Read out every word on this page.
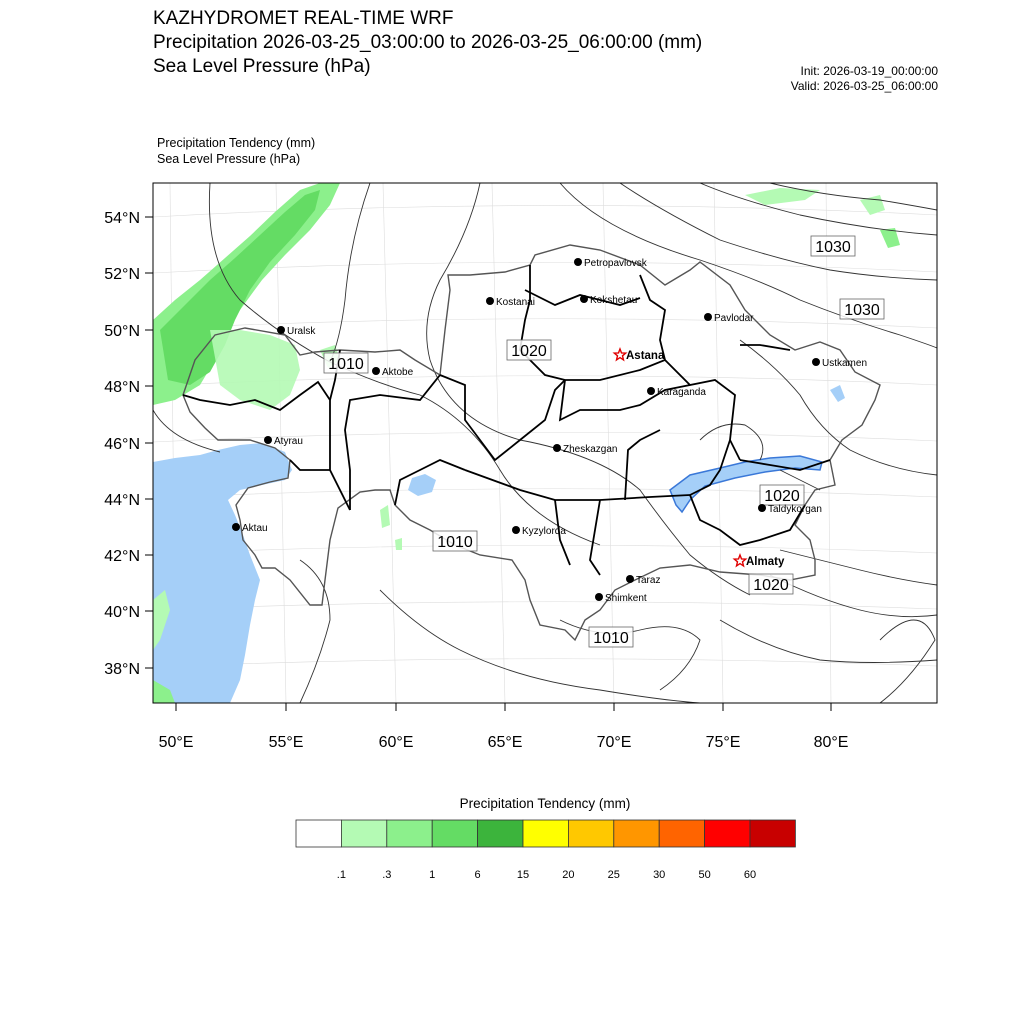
KAZHYDROMET REAL-TIME WRF
Precipitation 2026-03-25_03:00:00 to 2026-03-25_06:00:00 (mm)
Sea Level Pressure (hPa)	Init: 2026-03-19_00:00:00
Valid: 2026-03-25_06:00:00
Precipitation Tendency (mm)
Sea Level Pressure (hPa)
1030
1030
1020
1010
1020
1010
1020
1010
Petropavlovsk
Kostanai	Kokshetau
Pavlodar
Uralsk
Astana
Aktobe
Ustkamen
Karaganda
Atyrau
Zheskazgan
Taldykorgan
Aktau	Kyzylorda
Almaty
Taraz
Shimkent
54°N
52°N
50°N
48°N
46°N
44°N
42°N
40°N
38°N
50°E	55°E	60°E	65°E	70°E	75°E	80°E
Precipitation Tendency (mm)
.1	.3	1	6	15	20	25	30	50	60
